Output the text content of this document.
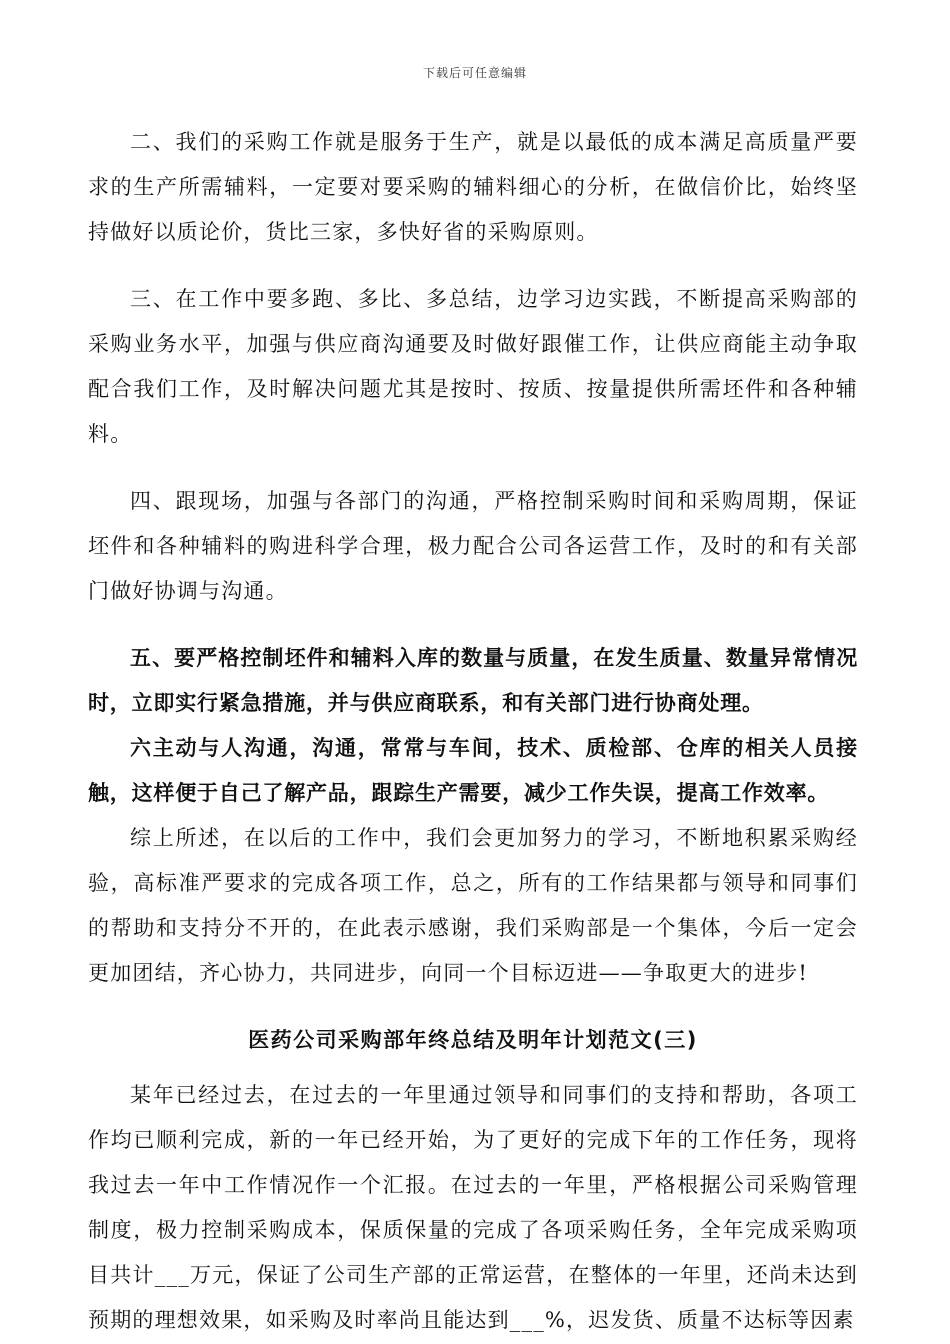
下载后可任意编辑

二、我们的采购工作就是服务于生产，就是以最低的成本满足高质量严要求的生产所需辅料，一定要对要采购的辅料细心的分析，在做信价比，始终坚持做好以质论价，货比三家，多快好省的采购原则。

三、在工作中要多跑、多比、多总结，边学习边实践，不断提高采购部的采购业务水平，加强与供应商沟通要及时做好跟催工作，让供应商能主动争取配合我们工作，及时解决问题尤其是按时、按质、按量提供所需坯件和各种辅料。

四、跟现场，加强与各部门的沟通，严格控制采购时间和采购周期，保证坯件和各种辅料的购进科学合理，极力配合公司各运营工作，及时的和有关部门做好协调与沟通。

五、要严格控制坯件和辅料入库的数量与质量，在发生质量、数量异常情况时，立即实行紧急措施，并与供应商联系，和有关部门进行协商处理。

六主动与人沟通，沟通，常常与车间，技术、质检部、仓库的相关人员接触，这样便于自己了解产品，跟踪生产需要，减少工作失误，提高工作效率。

综上所述，在以后的工作中，我们会更加努力的学习，不断地积累采购经验，高标准严要求的完成各项工作，总之，所有的工作结果都与领导和同事们的帮助和支持分不开的，在此表示感谢，我们采购部是一个集体，今后一定会更加团结，齐心协力，共同进步，向同一个目标迈进——争取更大的进步!

医药公司采购部年终总结及明年计划范文(三)

某年已经过去，在过去的一年里通过领导和同事们的支持和帮助，各项工作均已顺利完成，新的一年已经开始，为了更好的完成下年的工作任务，现将我过去一年中工作情况作一个汇报。在过去的一年里，严格根据公司采购管理制度，极力控制采购成本，保质保量的完成了各项采购任务，全年完成采购项目共计___万元，保证了公司生产部的正常运营，在整体的一年里，还尚未达到预期的理想效果，如采购及时率尚且能达到___%，迟发货、质量不达标等因素
